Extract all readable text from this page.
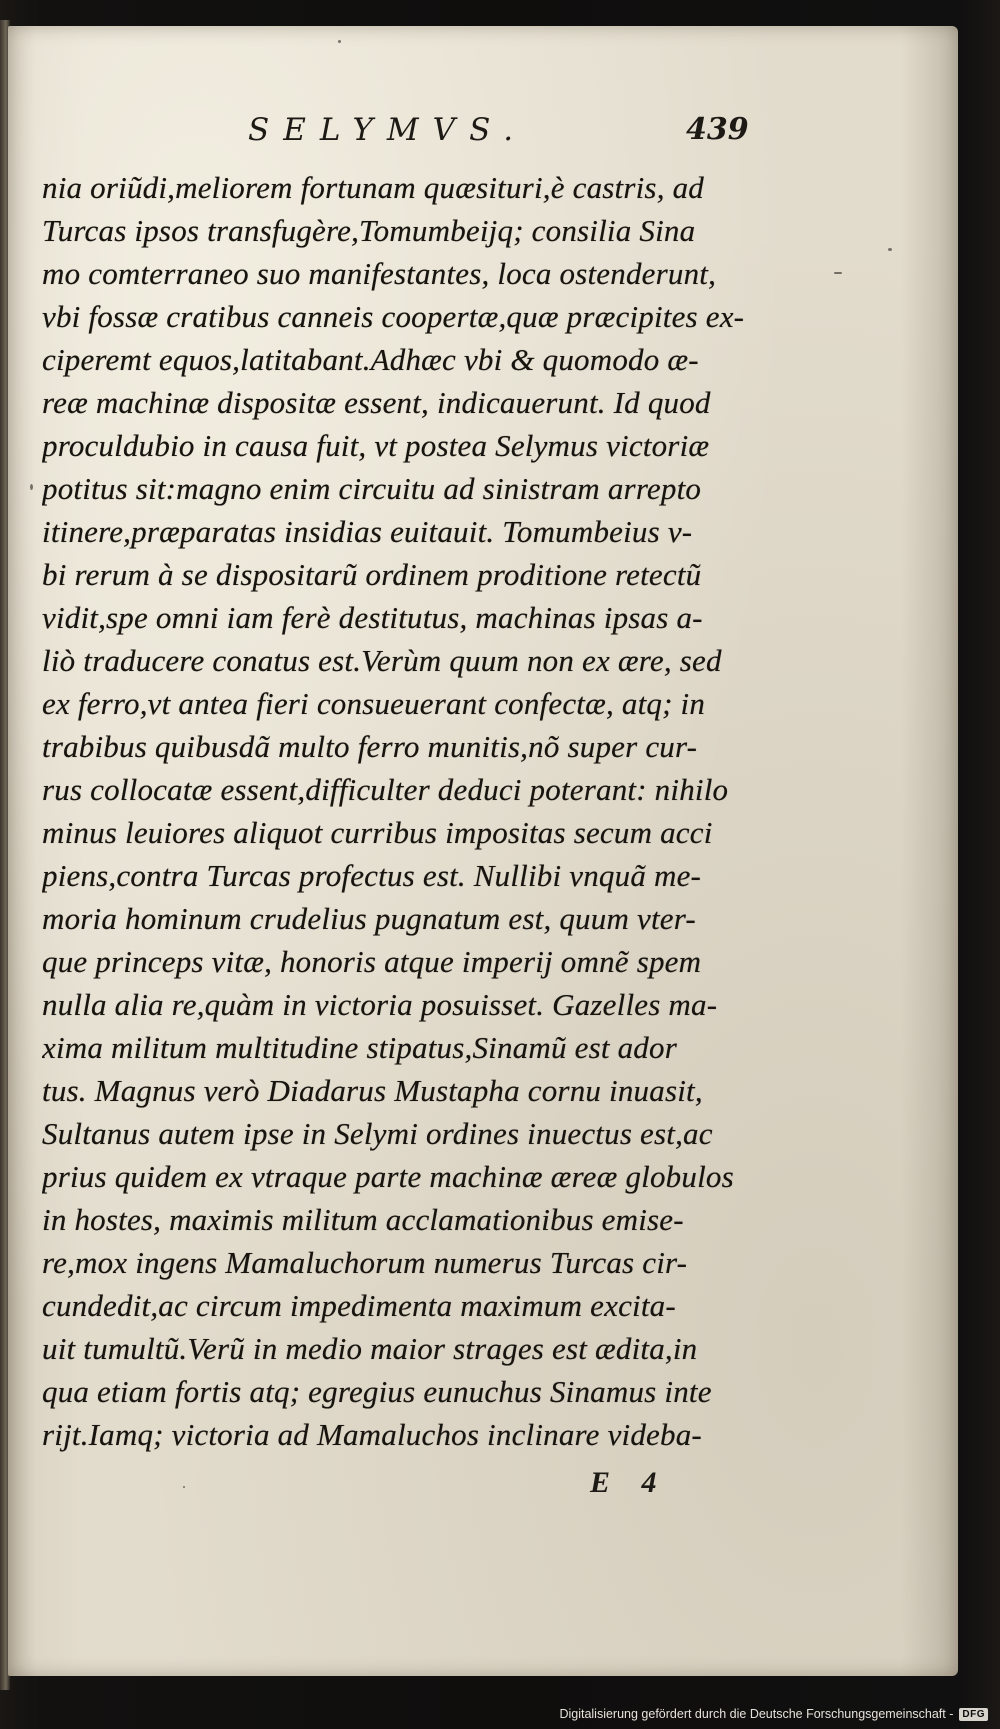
SELYMVS.	439
nia oriũdi,meliorem fortunam quæsituri,è castris, ad
Turcas ipsos transfugère,Tomumbeijq; consilia Sina
mo comterraneo suo manifestantes, loca ostenderunt,
vbi fossæ cratibus canneis coopertæ,quæ præcipites ex-
ciperemt equos,latitabant.Adhæc vbi & quomodo æ-
reæ machinæ dispositæ essent, indicauerunt. Id quod
proculdubio in causa fuit, vt postea Selymus victoriæ
potitus sit:magno enim circuitu ad sinistram arrepto
itinere,præparatas insidias euitauit. Tomumbeius v-
bi rerum à se dispositarũ ordinem proditione retectũ
vidit,spe omni iam ferè destitutus, machinas ipsas a-
liò traducere conatus est.Verùm quum non ex ære, sed
ex ferro,vt antea fieri consueuerant confectæ, atq; in
trabibus quibusdã multo ferro munitis,nõ super cur-
rus collocatæ essent,difficulter deduci poterant: nihilo
minus leuiores aliquot curribus impositas secum acci
piens,contra Turcas profectus est. Nullibi vnquã me-
moria hominum crudelius pugnatum est, quum vter-
que princeps vitæ, honoris atque imperij omnẽ spem
nulla alia re,quàm in victoria posuisset. Gazelles ma-
xima militum multitudine stipatus,Sinamũ est ador
tus. Magnus verò Diadarus Mustapha cornu inuasit,
Sultanus autem ipse in Selymi ordines inuectus est,ac
prius quidem ex vtraque parte machinæ æreæ globulos
in hostes, maximis militum acclamationibus emise-
re,mox ingens Mamaluchorum numerus Turcas cir-
cundedit,ac circum impedimenta maximum excita-
uit tumultũ.Verũ in medio maior strages est ædita,in
qua etiam fortis atq; egregius eunuchus Sinamus inte
rijt.Iamq; victoria ad Mamaluchos inclinare videba-
E 4
Digitalisierung gefördert durch die Deutsche Forschungsgemeinschaft - DFG
